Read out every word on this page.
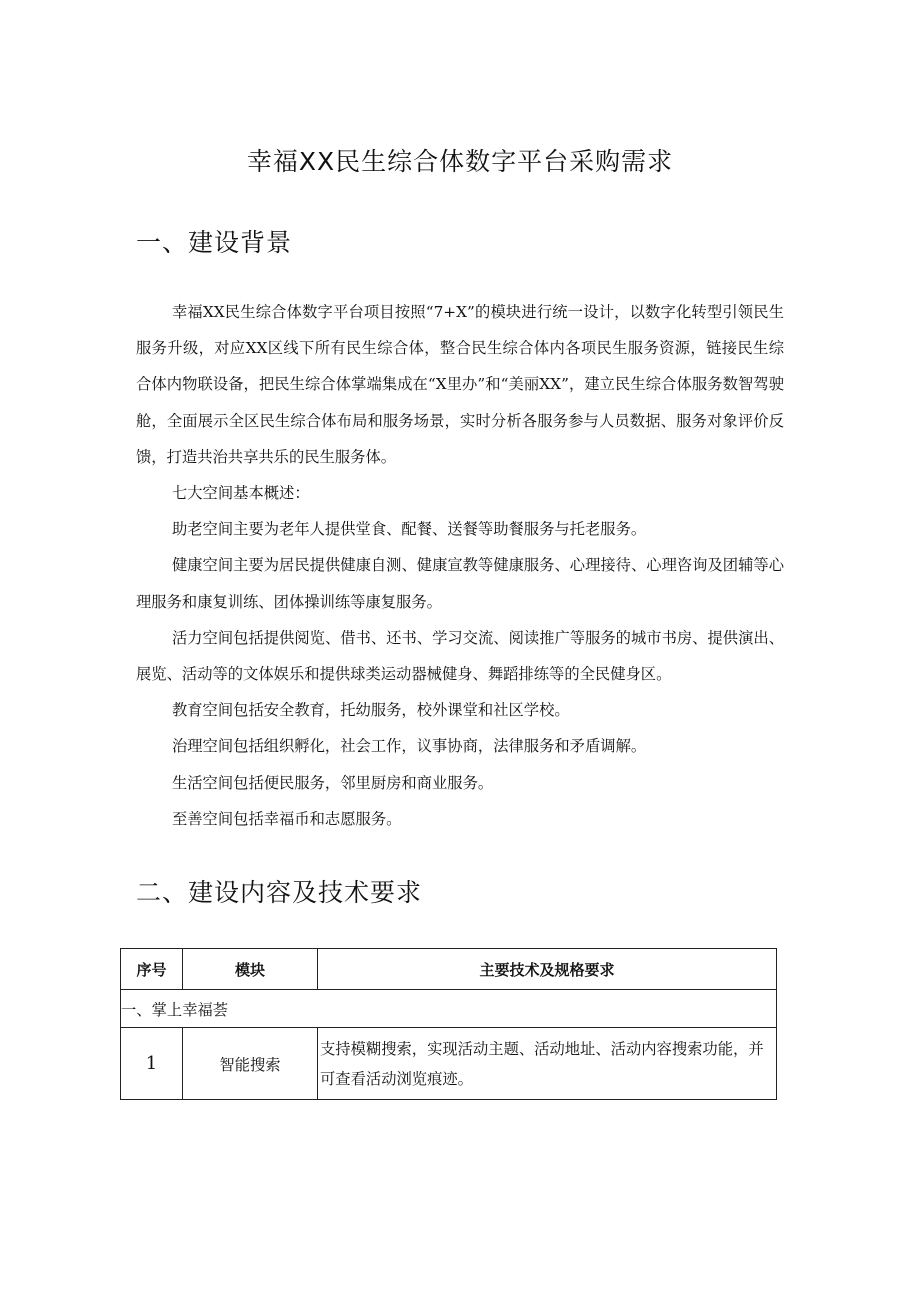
幸福XX民生综合体数字平台采购需求
一、建设背景

幸福XX民生综合体数字平台项目按照“7+X”的模块进行统一设计，以数字化转型引领民生服务升级，对应XX区线下所有民生综合体，整合民生综合体内各项民生服务资源，链接民生综合体内物联设备，把民生综合体掌端集成在“X里办”和“美丽XX”，建立民生综合体服务数智驾驶舱，全面展示全区民生综合体布局和服务场景，实时分析各服务参与人员数据、服务对象评价反馈，打造共治共享共乐的民生服务体。

七大空间基本概述：

助老空间主要为老年人提供堂食、配餐、送餐等助餐服务与托老服务。

健康空间主要为居民提供健康自测、健康宣教等健康服务、心理接待、心理咨询及团辅等心理服务和康复训练、团体操训练等康复服务。

活力空间包括提供阅览、借书、还书、学习交流、阅读推广等服务的城市书房、提供演出、展览、活动等的文体娱乐和提供球类运动器械健身、舞蹈排练等的全民健身区。

教育空间包括安全教育，托幼服务，校外课堂和社区学校。

治理空间包括组织孵化，社会工作，议事协商，法律服务和矛盾调解。

生活空间包括便民服务，邻里厨房和商业服务。

至善空间包括幸福币和志愿服务。

二、建设内容及技术要求
序号	模块	主要技术及规格要求
一、掌上幸福荟		
1	智能搜索	支持模糊搜索，实现活动主题、活动地址、活动内容搜索功能，并可查看活动浏览痕迹。
